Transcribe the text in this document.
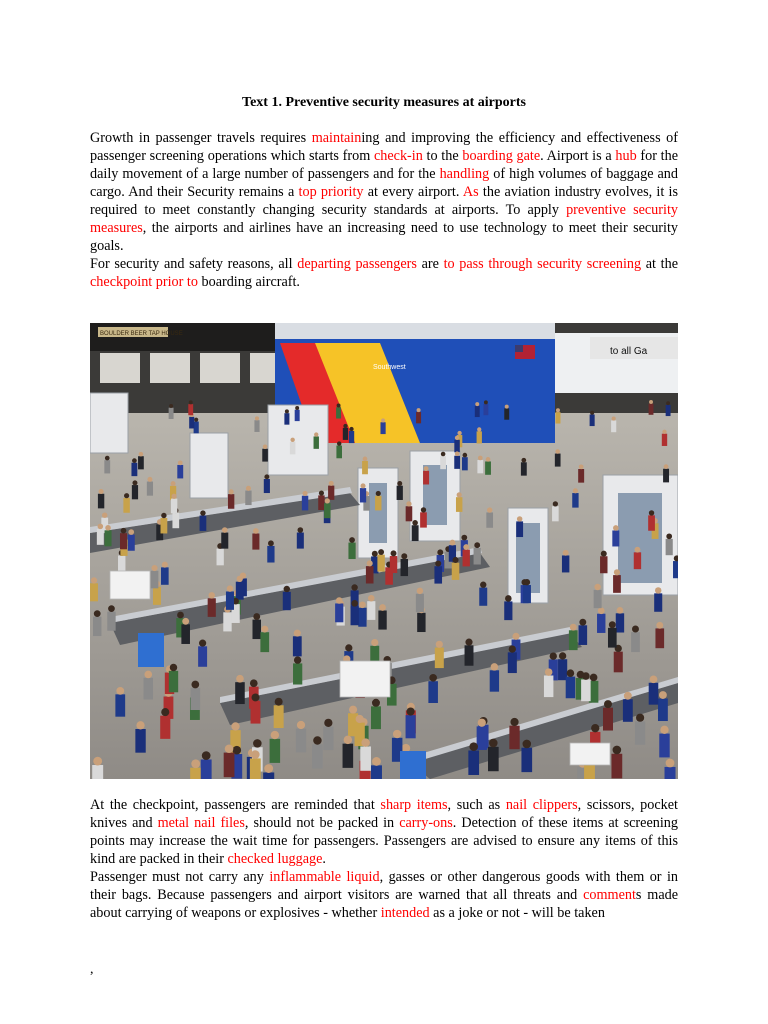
Text 1. Preventive security measures at airports

Growth in passenger travels requires maintaining and improving the efficiency and effectiveness of passenger screening operations which starts from check-in to the boarding gate. Airport is a hub for the daily movement of a large number of passengers and for the handling of high volumes of baggage and cargo. And their Security remains a top priority at every airport. As the aviation industry evolves, it is required to meet constantly changing security standards at airports. To apply preventive security measures, the airports and airlines have an increasing need to use technology to meet their security goals.

For security and safety reasons, all departing passengers are to pass through security screening at the checkpoint prior to boarding aircraft.

BOULDER BEER TAP HOUSE
Southwest
to all Ga

At the checkpoint, passengers are reminded that sharp items, such as nail clippers, scissors, pocket knives and metal nail files, should not be packed in carry-ons. Detection of these items at screening points may increase the wait time for passengers. Passengers are advised to ensure any items of this kind are packed in their checked luggage.

Passenger must not carry any inflammable liquid, gasses or other dangerous goods with them or in their bags. Because passengers and airport visitors are warned that all threats and comments made about carrying of weapons or explosives - whether intended as a joke or not - will be taken

,
